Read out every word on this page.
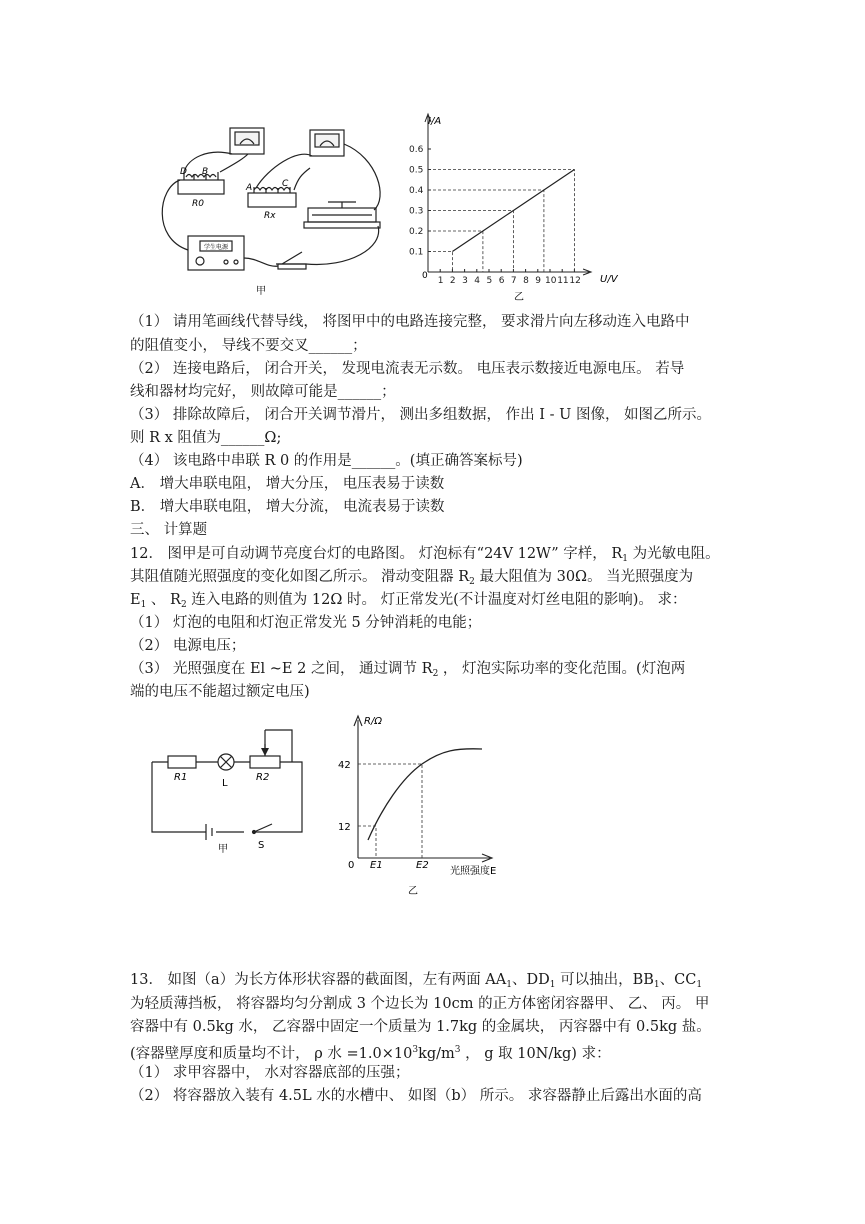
D B
A	C
R0
Rx
学生电源
甲
1 2 3 4 5 6 7 8 9 10 11 12
0.1
0.2
0.3
0.4
0.5
0.6
I/A
U/V
0
乙
（1） 请用笔画线代替导线， 将图甲中的电路连接完整， 要求滑片向左移动连入电路中
的阻值变小， 导线不要交叉______；
（2） 连接电路后， 闭合开关， 发现电流表无示数。 电压表示数接近电源电压。 若导
线和器材均完好， 则故障可能是______；
（3） 排除故障后， 闭合开关调节滑片， 测出多组数据， 作出 I - U 图像， 如图乙所示。
则 R x 阻值为______Ω;
（4） 该电路中串联 R 0 的作用是______。(填正确答案标号)
A． 增大串联电阻， 增大分压， 电压表易于读数
B． 增大串联电阻， 增大分流， 电流表易于读数
三、 计算题
12． 图甲是可自动调节亮度台灯的电路图。 灯泡标有“24V 12W” 字样， $R_1$ 为光敏电阻。
其阻值随光照强度的变化如图乙所示。 滑动变阻器 $R_2$ 最大阻值为 30Ω。 当光照强度为
$E_1$ 、 $R_2$ 连入电路的则值为 12Ω 时。 灯正常发光(不计温度对灯丝电阻的影响)。 求：
（1） 灯泡的电阻和灯泡正常发光 5 分钟消耗的电能；
（2） 电源电压；
（3） 光照强度在 El ~E 2 之间， 通过调节 $R_2$ ， 灯泡实际功率的变化范围。(灯泡两
端的电压不能超过额定电压)
R1
L
R2
S
甲
R/Ω
42
12
0 E1	E2
光照强度E
乙
13． 如图（a）为长方体形状容器的截面图，左有两面 $AA_1$、$DD_1$ 可以抽出，$BB_1$、$CC_1$
为轻质薄挡板， 将容器均匀分割成 3 个边长为 10cm 的正方体密闭容器甲、 乙、 丙。 甲
容器中有 0.5kg 水， 乙容器中固定一个质量为 1.7kg 的金属块， 丙容器中有 0.5kg 盐。
(容器壁厚度和质量均不计， ρ 水 $=1.0\times 10^3kg/m^3$ ， g 取 10N/kg) 求：
（1） 求甲容器中， 水对容器底部的压强；
（2） 将容器放入装有 4.5L 水的水槽中、 如图（b） 所示。 求容器静止后露出水面的高
